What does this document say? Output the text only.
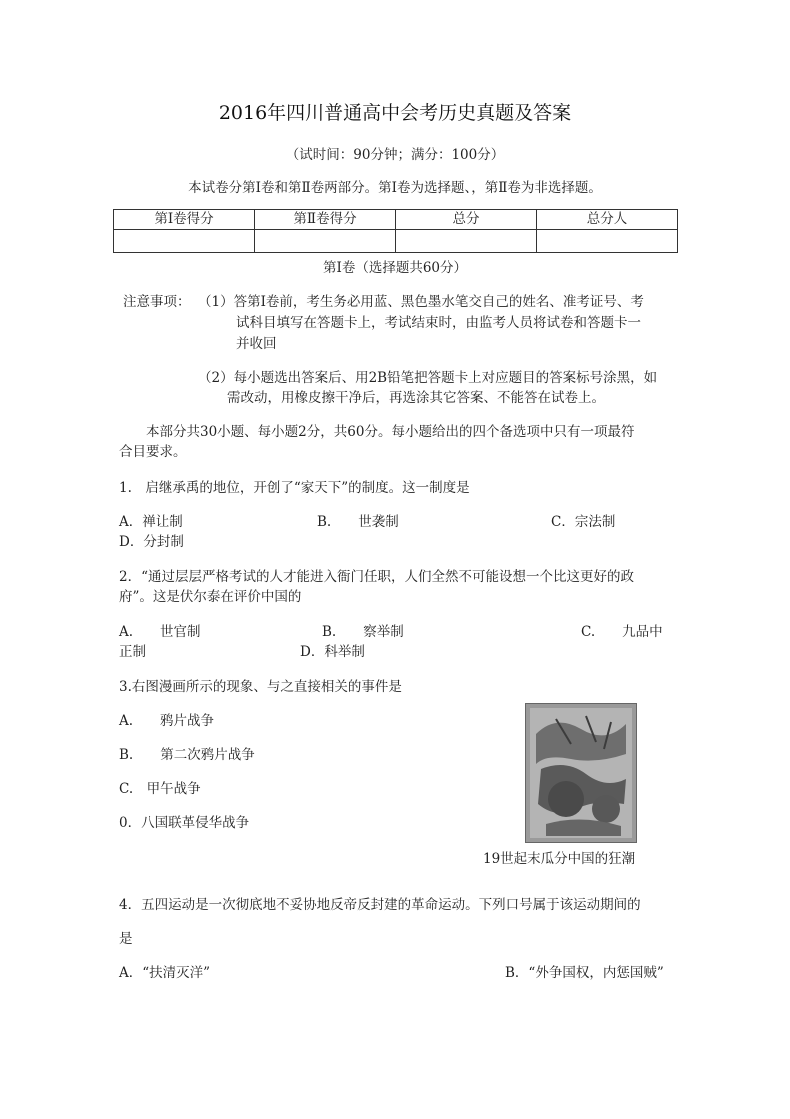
2016年四川普通高中会考历史真题及答案
（试时间：90分钟；满分：100分）
本试卷分第Ⅰ卷和第Ⅱ卷两部分。第Ⅰ卷为选择题、，第Ⅱ卷为非选择题。
第Ⅰ卷得分	第Ⅱ卷得分	总分	总分人

第Ⅰ卷（选择题共60分）
注意事项： （1）答第Ⅰ卷前，考生务必用蓝、黑色墨水笔交自己的姓名、准考证号、考
试科目填写在答题卡上，考试结束时，由监考人员将试卷和答题卡一
并收回
（2）每小题选出答案后、用2B铅笔把答题卡上对应题目的答案标号涂黑，如
需改动，用橡皮擦干净后，再选涂其它答案、不能答在试卷上。
本部分共30小题、每小题2分，共60分。每小题给出的四个备选项中只有一项最符
合目要求。
1.　启继承禹的地位，开创了“家天下”的制度。这一制度是
A．禅让制	B.　　世袭制	C．宗法制
D．分封制
2．“通过层层严格考试的人才能进入衙门任职，人们全然不可能设想一个比这更好的政
府”。这是伏尔泰在评价中国的
A.　　世官制	B.　　察举制	C.　　九品中
正制	D．科举制
3.右图漫画所示的现象、与之直接相关的事件是
A.　　鸦片战争
B.　　第二次鸦片战争
C.　甲午战争
0．八国联革侵华战争
19世起末瓜分中国的狂潮
4．五四运动是一次彻底地不妥协地反帝反封建的革命运动。下列口号属于该运动期间的
是
A．“扶清灭洋”	B．“外争国权，内惩国贼”
